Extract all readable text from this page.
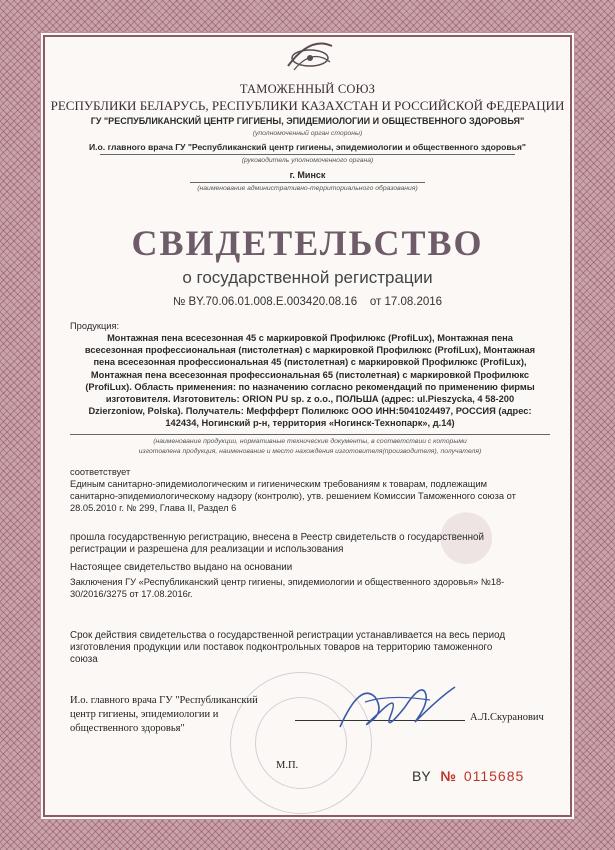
ТАМОЖЕННЫЙ СОЮЗ
РЕСПУБЛИКИ БЕЛАРУСЬ, РЕСПУБЛИКИ КАЗАХСТАН И РОССИЙСКОЙ ФЕДЕРАЦИИ
ГУ "РЕСПУБЛИКАНСКИЙ ЦЕНТР ГИГИЕНЫ, ЭПИДЕМИОЛОГИИ И ОБЩЕСТВЕННОГО ЗДОРОВЬЯ"
(уполномоченный орган стороны)
И.о. главного врача ГУ "Республиканский центр гигиены, эпидемиологии и общественного здоровья"
(руководитель уполномоченного органа)
г. Минск
(наименование административно-территориального образования)
СВИДЕТЕЛЬСТВО
о государственной регистрации
№ BY.70.06.01.008.E.003420.08.16 от 17.08.2016
●
Продукция:
Монтажная пена всесезонная 45 с маркировкой Профилюкс (ProfiLux), Монтажная пена
всесезонная профессиональная (пистолетная) с маркировкой Профилюкс (ProfiLux), Монтажная
пена всесезонная профессиональная 45 (пистолетная) с маркировкой Профилюкс (ProfiLux),
Монтажная пена всесезонная профессиональная 65 (пистолетная) с маркировкой Профилюкс
(ProfiLux). Область применения: по назначению согласно рекомендаций по применению фирмы
изготовителя. Изготовитель: ORION PU sp. z o.o., ПОЛЬША (адрес: ul.Pieszycka, 4 58-200
Dzierzoniow, Polska). Получатель: Меффферт Полилюкс ООО ИНН:5041024497, РОССИЯ (адрес:
142434, Ногинский р-н, территория «Ногинск-Технопарк», д.14)
(наименование продукции, нормативные технические документы, в соответствии с которыми
изготовлена продукция, наименование и место нахождения изготовителя(производителя), получателя)
соответствует
Единым санитарно-эпидемиологическим и гигиеническим требованиям к товарам, подлежащим
санитарно-эпидемиологическому надзору (контролю), утв. решением Комиссии Таможенного союза от
28.05.2010 г. № 299, Глава II, Раздел 6
прошла государственную регистрацию, внесена в Реестр свидетельств о государственной
регистрации и разрешена для реализации и использования
Настоящее свидетельство выдано на основании
Заключения ГУ «Республиканский центр гигиены, эпидемиологии и общественного здоровья» №18-
30/2016/3275 от 17.08.2016г.
Срок действия свидетельства о государственной регистрации устанавливается на весь период
изготовления продукции или поставок подконтрольных товаров на территорию таможенного
союза
И.о. главного врача ГУ "Республиканский
центр гигиены, эпидемиологии и
общественного здоровья"
А.Л.Скуранович
М.П.
BY № 0115685
